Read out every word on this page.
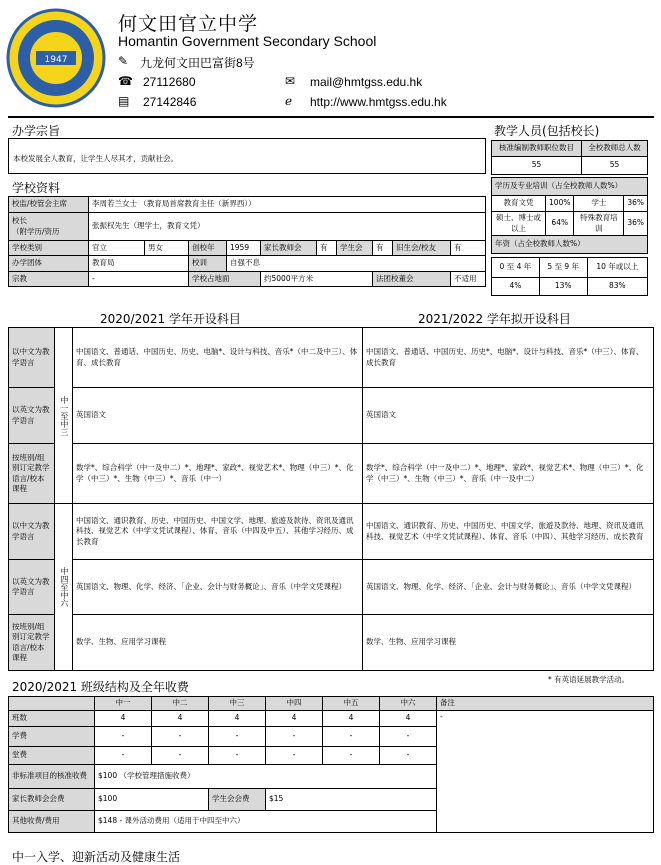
1947
何文田官立中学
Homantin Government Secondary School
✎ 九龙何文田巴富街8号
☎ 27112680
▤ 27142846
✉ mail@hmtgss.edu.hk
ℯ http://www.hmtgss.edu.hk
办学宗旨
本校发展全人教育，让学生人尽其才，贡献社会。
学校资料
校监/校管会主席	李周若兰女士 （教育局首席教育主任（新界西））									
校长
（附学历/资历	张振权先生（理学士，教育文凭）									
学校类别	官立	男女	创校年	1959	家长教师会	有	学生会	有	旧生会/校友	有
办学团体	教育局		校训	自强不息						
宗教	-		学校占地面		约5000平方米			法团校董会		不适用
教学人员(包括校长)
核准编制教师职位数目	全校教师总人数
55	55
学历及专业培训（占全校教师人数%）			
教育文凭	100%	学士	36%
硕士、博士或以上	64%	特殊教育培训	36%
年资（占全校教师人数%）			
0 至 4 年	5 至 9 年	10 年或以上
4%	13%	83%
2020/2021 学年开设科目	2021/2022 学年拟开设科目
以中文为教学语言	中一至中三	中国语文、普通话、中国历史、历史、电脑*、设计与科技、音乐*（中二及中三）、体育、成长教育	中国语文、普通话、中国历史、历史*、电脑*、设计与科技、音乐*（中三）、体育、成长教育
以英文为教学语言		英国语文	英国语文
按班别/组别订定教学语言/校本课程		数学*、综合科学（中一及中二）*、地理*、家政*、视觉艺术*、物理（中三）*、化学（中三）*、生物（中三）*、音乐（中一）	数学*、综合科学（中一及中二）*、地理*、家政*、视觉艺术*、物理（中三）*、化学（中三）*、生物（中三）*、音乐（中一及中二）
以中文为教学语言	中四至中六	中国语文、通识教育、历史、中国历史、中国文学、地理、旅遊及款待、资讯及通讯科技、视觉艺术（中学文凭试课程）、体育、音乐（中四及中五）、其他学习经历、成长教育	中国语文、通识教育、历史、中国历史、中国文学、旅遊及款待、地理、资讯及通讯科技、视觉艺术（中学文凭试课程）、体育、音乐（中四）、其他学习经历、成长教育
以英文为教学语言		英国语文、物理、化学、经济、「企业、会计与财务概论」、音乐（中学文凭课程）	英国语文、物理、化学、经济、「企业、会计与财务概论」、音乐（中学文凭课程）
按班别/组别订定教学语言/校本课程		数学、生物、应用学习课程	数学、生物、应用学习课程
* 有英语延展教学活动。
2020/2021 班级结构及全年收费
	中一	中二	中三	中四	中五	中六	备注
班数	4	4	4	4	4	4	-
学费	-	-	-	-	-	-	
堂费	-	-	-	-	-	-	
非标准项目的核准收费	$100 （学校管理措施收费）						
家长教师会会费	$100		学生会会费	$15			
其他收费/费用	$148 - 课外活动费用（适用于中四至中六）						
中一入学、迎新活动及健康生活
